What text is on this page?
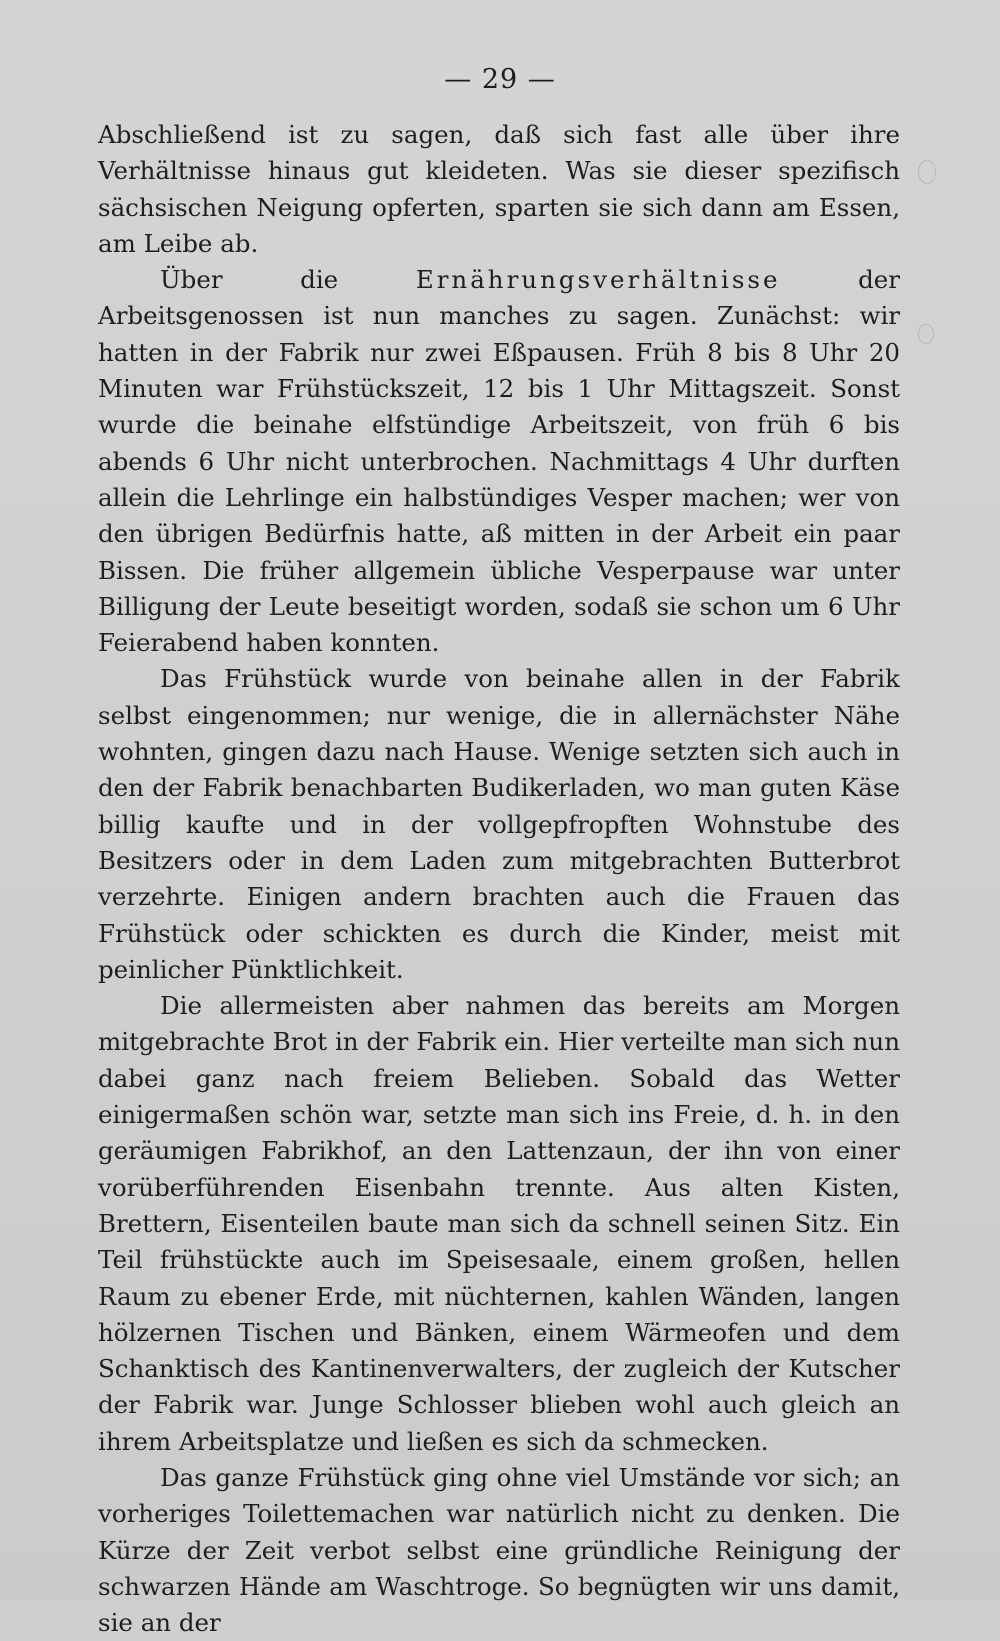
— 29 —

Abschließend ist zu sagen, daß sich fast alle über ihre Verhältnisse hinaus gut kleideten. Was sie dieser spezifisch sächsischen Neigung opferten, sparten sie sich dann am Essen, am Leibe ab.

Über die Ernährungsverhältnisse der Arbeitsgenossen ist nun manches zu sagen. Zunächst: wir hatten in der Fabrik nur zwei Eßpausen. Früh 8 bis 8 Uhr 20 Minuten war Frühstückszeit, 12 bis 1 Uhr Mittagszeit. Sonst wurde die beinahe elfstündige Arbeitszeit, von früh 6 bis abends 6 Uhr nicht unterbrochen. Nachmittags 4 Uhr durften allein die Lehrlinge ein halbstündiges Vesper machen; wer von den übrigen Bedürfnis hatte, aß mitten in der Arbeit ein paar Bissen. Die früher allgemein übliche Vesperpause war unter Billigung der Leute beseitigt worden, sodaß sie schon um 6 Uhr Feierabend haben konnten.

Das Frühstück wurde von beinahe allen in der Fabrik selbst eingenommen; nur wenige, die in allernächster Nähe wohnten, gingen dazu nach Hause. Wenige setzten sich auch in den der Fabrik benachbarten Budikerladen, wo man guten Käse billig kaufte und in der vollgepfropften Wohnstube des Besitzers oder in dem Laden zum mitgebrachten Butterbrot verzehrte. Einigen andern brachten auch die Frauen das Frühstück oder schickten es durch die Kinder, meist mit peinlicher Pünktlichkeit.

Die allermeisten aber nahmen das bereits am Morgen mitgebrachte Brot in der Fabrik ein. Hier verteilte man sich nun dabei ganz nach freiem Belieben. Sobald das Wetter einigermaßen schön war, setzte man sich ins Freie, d. h. in den geräumigen Fabrikhof, an den Lattenzaun, der ihn von einer vorüberführenden Eisenbahn trennte. Aus alten Kisten, Brettern, Eisenteilen baute man sich da schnell seinen Sitz. Ein Teil frühstückte auch im Speisesaale, einem großen, hellen Raum zu ebener Erde, mit nüchternen, kahlen Wänden, langen hölzernen Tischen und Bänken, einem Wärmeofen und dem Schanktisch des Kantinenverwalters, der zugleich der Kutscher der Fabrik war. Junge Schlosser blieben wohl auch gleich an ihrem Arbeitsplatze und ließen es sich da schmecken.

Das ganze Frühstück ging ohne viel Umstände vor sich; an vorheriges Toilettemachen war natürlich nicht zu denken. Die Kürze der Zeit verbot selbst eine gründliche Reinigung der schwarzen Hände am Waschtroge. So begnügten wir uns damit, sie an der
